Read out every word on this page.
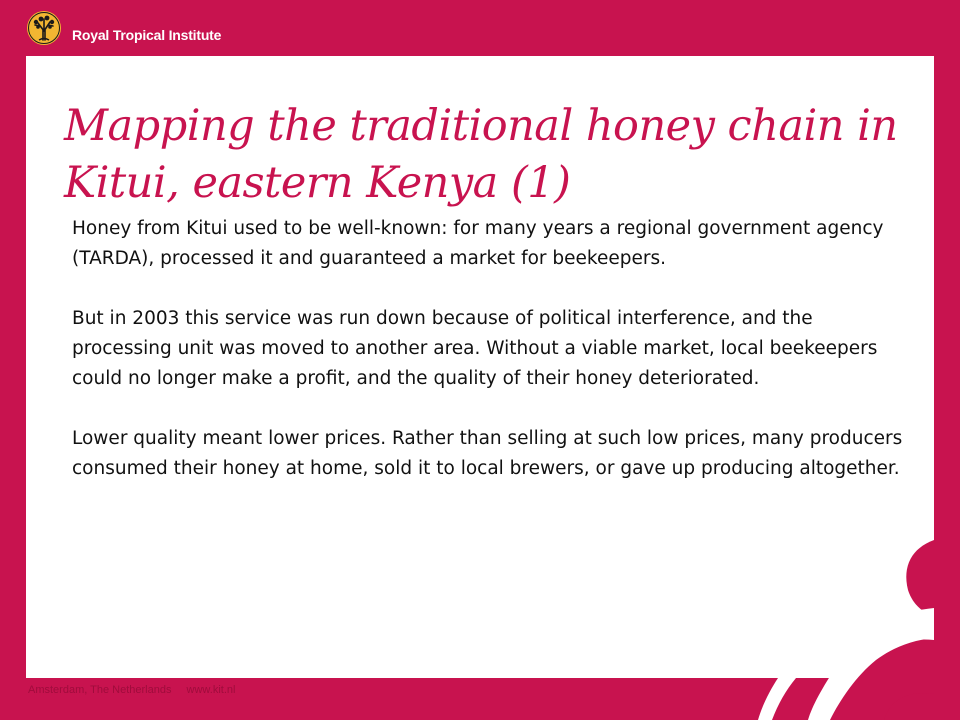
Royal Tropical Institute
Mapping the traditional honey chain in Kitui, eastern Kenya (1)

Honey from Kitui used to be well-known: for many years a regional government agency (TARDA), processed it and guaranteed a market for beekeepers.

But in 2003 this service was run down because of political interference, and the processing unit was moved to another area. Without a viable market, local beekeepers could no longer make a profit, and the quality of their honey deteriorated.

Lower quality meant lower prices. Rather than selling at such low prices, many producers consumed their honey at home, sold it to local brewers, or gave up producing altogether.

Amsterdam, The Netherlands www.kit.nl
